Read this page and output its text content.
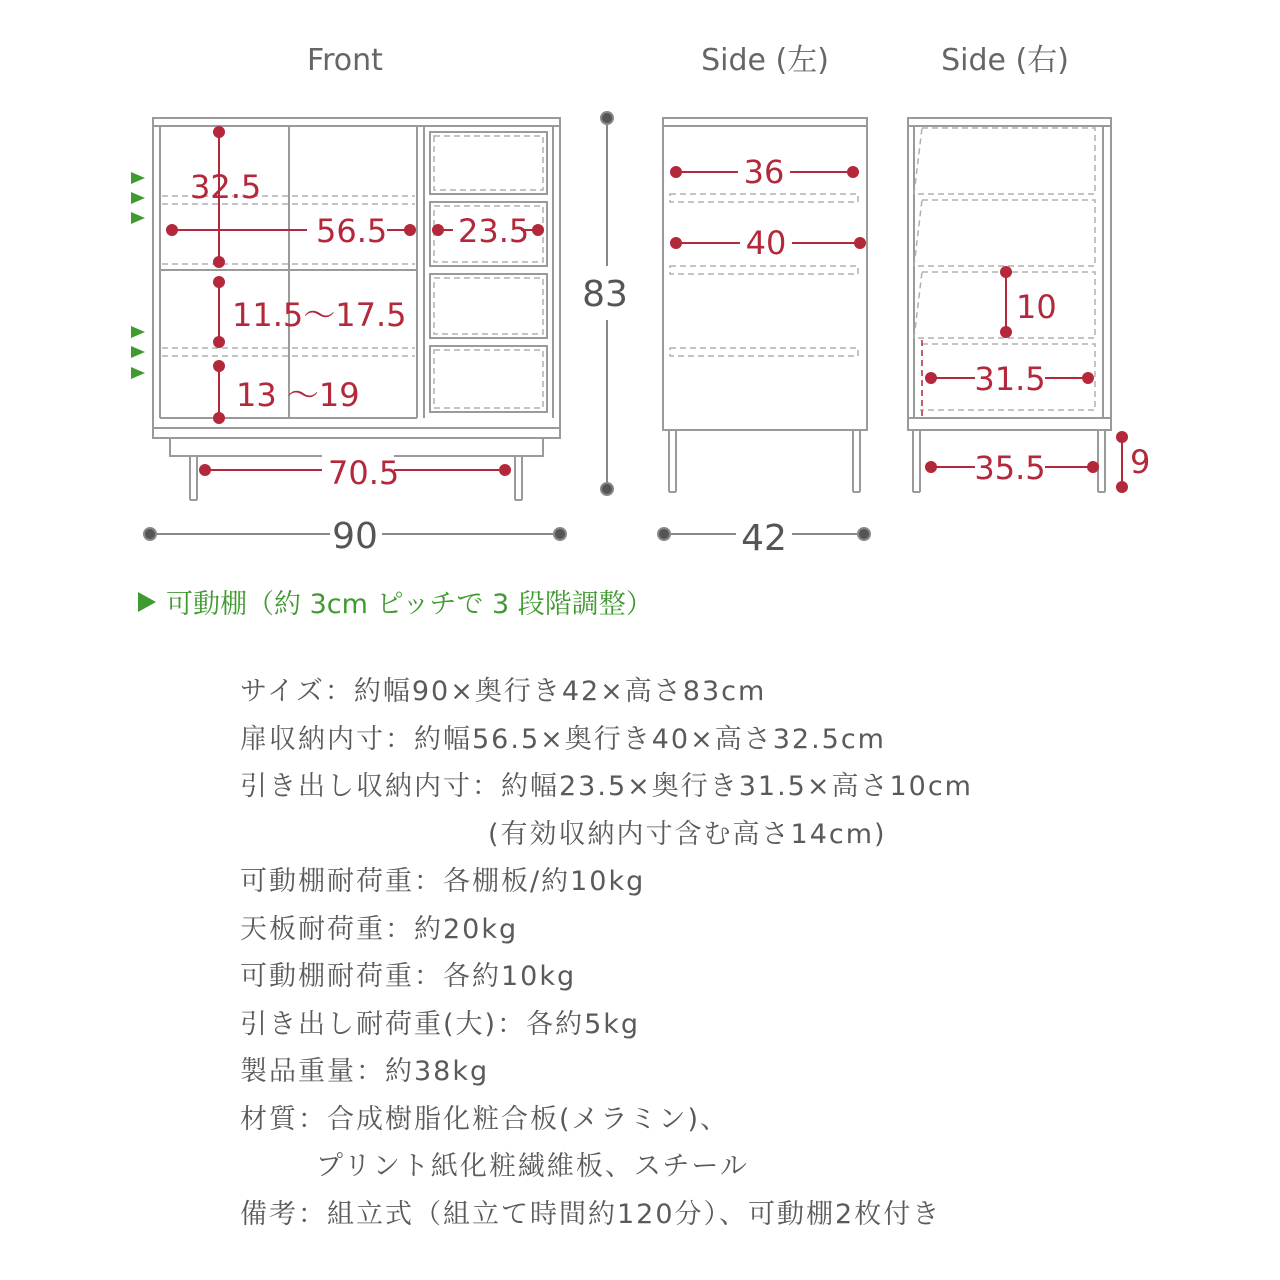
Front	Side (左)	Side (右)
32.5
56.5 23.5
11.5～17.5
13 ～19
70.5
90
83
42
36
40
10
31.5
35.5	9
可動棚（約 3cm ピッチで 3 段階調整）
サイズ：約幅90×奥行き42×高さ83cm
扉収納内寸：約幅56.5×奥行き40×高さ32.5cm
引き出し収納内寸：約幅23.5×奥行き31.5×高さ10cm
(有効収納内寸含む高さ14cm)
可動棚耐荷重：各棚板/約10kg
天板耐荷重：約20kg
可動棚耐荷重：各約10kg
引き出し耐荷重(大)：各約5kg
製品重量：約38kg
材質：合成樹脂化粧合板(メラミン)、
プリント紙化粧繊維板、スチール
備考：組立式（組立て時間約120分）、可動棚2枚付き
